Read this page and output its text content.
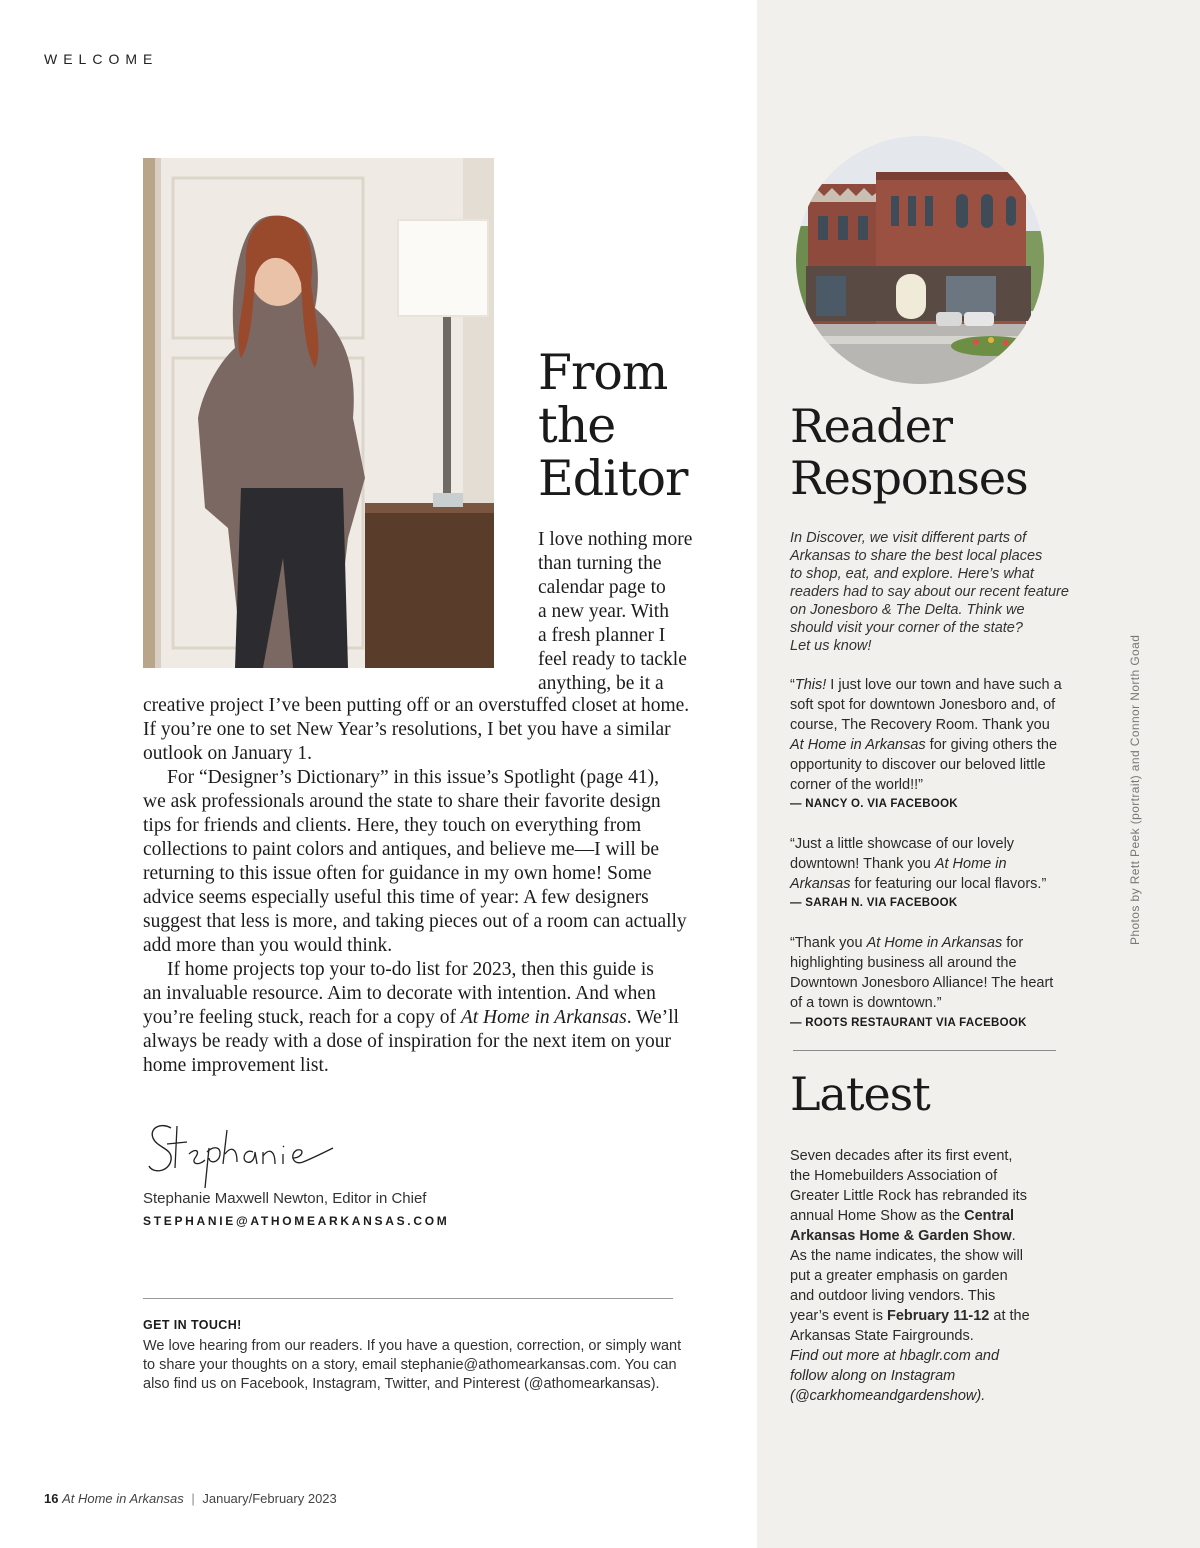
WELCOME
From
the
Editor
I love nothing more
than turning the
calendar page to
a new year. With
a fresh planner I
feel ready to tackle
anything, be it a
creative project I’ve been putting off or an overstuffed closet at home.
If you’re one to set New Year’s resolutions, I bet you have a similar
outlook on January 1.
For “Designer’s Dictionary” in this issue’s Spotlight (page 41),
we ask professionals around the state to share their favorite design
tips for friends and clients. Here, they touch on everything from
collections to paint colors and antiques, and believe me—I will be
returning to this issue often for guidance in my own home! Some
advice seems especially useful this time of year: A few designers
suggest that less is more, and taking pieces out of a room can actually
add more than you would think.
If home projects top your to-do list for 2023, then this guide is
an invaluable resource. Aim to decorate with intention. And when
you’re feeling stuck, reach for a copy of At Home in Arkansas. We’ll
always be ready with a dose of inspiration for the next item on your
home improvement list.
Stephanie Maxwell Newton, Editor in Chief
STEPHANIE@ATHOMEARKANSAS.COM
GET IN TOUCH!
We love hearing from our readers. If you have a question, correction, or simply want
to share your thoughts on a story, email stephanie@athomearkansas.com. You can
also find us on Facebook, Instagram, Twitter, and Pinterest (@athomearkansas).
16 At Home in Arkansas | January/February 2023
Reader
Responses
In Discover, we visit different parts of
Arkansas to share the best local places
to shop, eat, and explore. Here’s what
readers had to say about our recent feature
on Jonesboro & The Delta. Think we
should visit your corner of the state?
Let us know!
“This! I just love our town and have such a
soft spot for downtown Jonesboro and, of
course, The Recovery Room. Thank you
At Home in Arkansas for giving others the
opportunity to discover our beloved little
corner of the world!!”
— NANCY O. VIA FACEBOOK
“Just a little showcase of our lovely
downtown! Thank you At Home in
Arkansas for featuring our local flavors.”
— SARAH N. VIA FACEBOOK
“Thank you At Home in Arkansas for
highlighting business all around the
Downtown Jonesboro Alliance! The heart
of a town is downtown.”
— ROOTS RESTAURANT VIA FACEBOOK
Latest
Seven decades after its first event,
the Homebuilders Association of
Greater Little Rock has rebranded its
annual Home Show as the Central
Arkansas Home & Garden Show.
As the name indicates, the show will
put a greater emphasis on garden
and outdoor living vendors. This
year’s event is February 11-12 at the
Arkansas State Fairgrounds.
Find out more at hbaglr.com and
follow along on Instagram
(@carkhomeandgardenshow).
Photos by Rett Peek (portrait) and Connor North Goad
